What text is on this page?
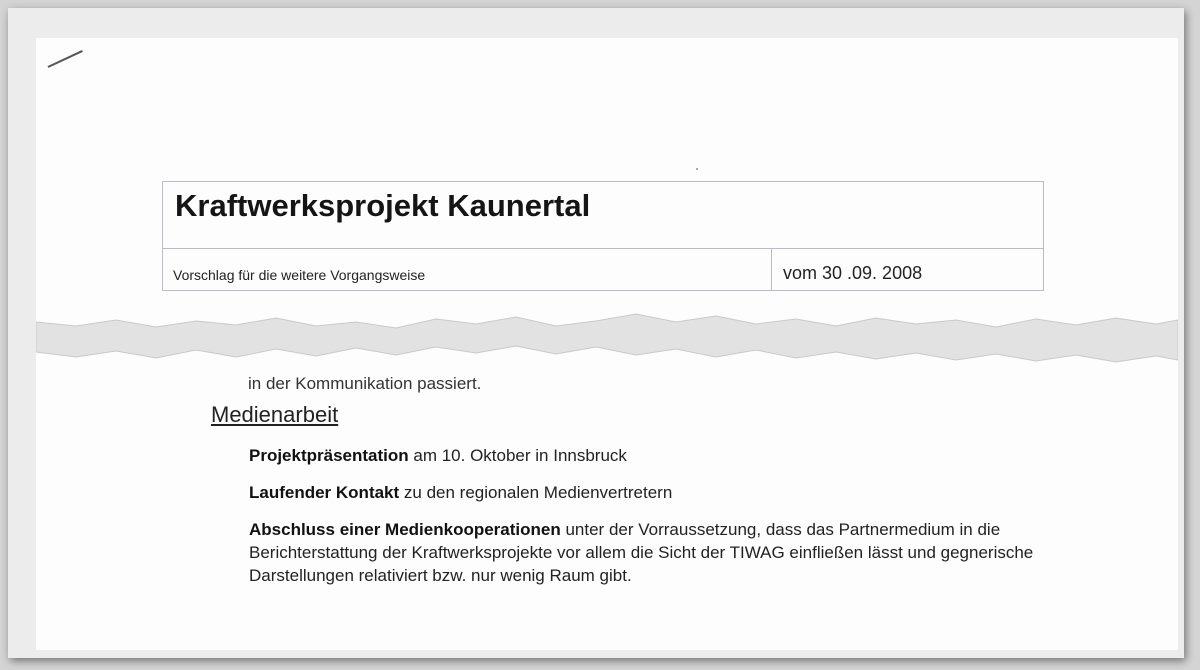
Kraftwerksprojekt Kaunertal
Vorschlag für die weitere Vorgangsweise	vom 30 .09. 2008
in der Kommunikation passiert.
Medienarbeit
Projektpräsentation am 10. Oktober in Innsbruck
Laufender Kontakt zu den regionalen Medienvertretern
Abschluss einer Medienkooperationen unter der Vorraussetzung, dass das Partnermedium in die Berichterstattung der Kraftwerksprojekte vor allem die Sicht der TIWAG einfließen lässt und gegnerische Darstellungen relativiert bzw. nur wenig Raum gibt.
